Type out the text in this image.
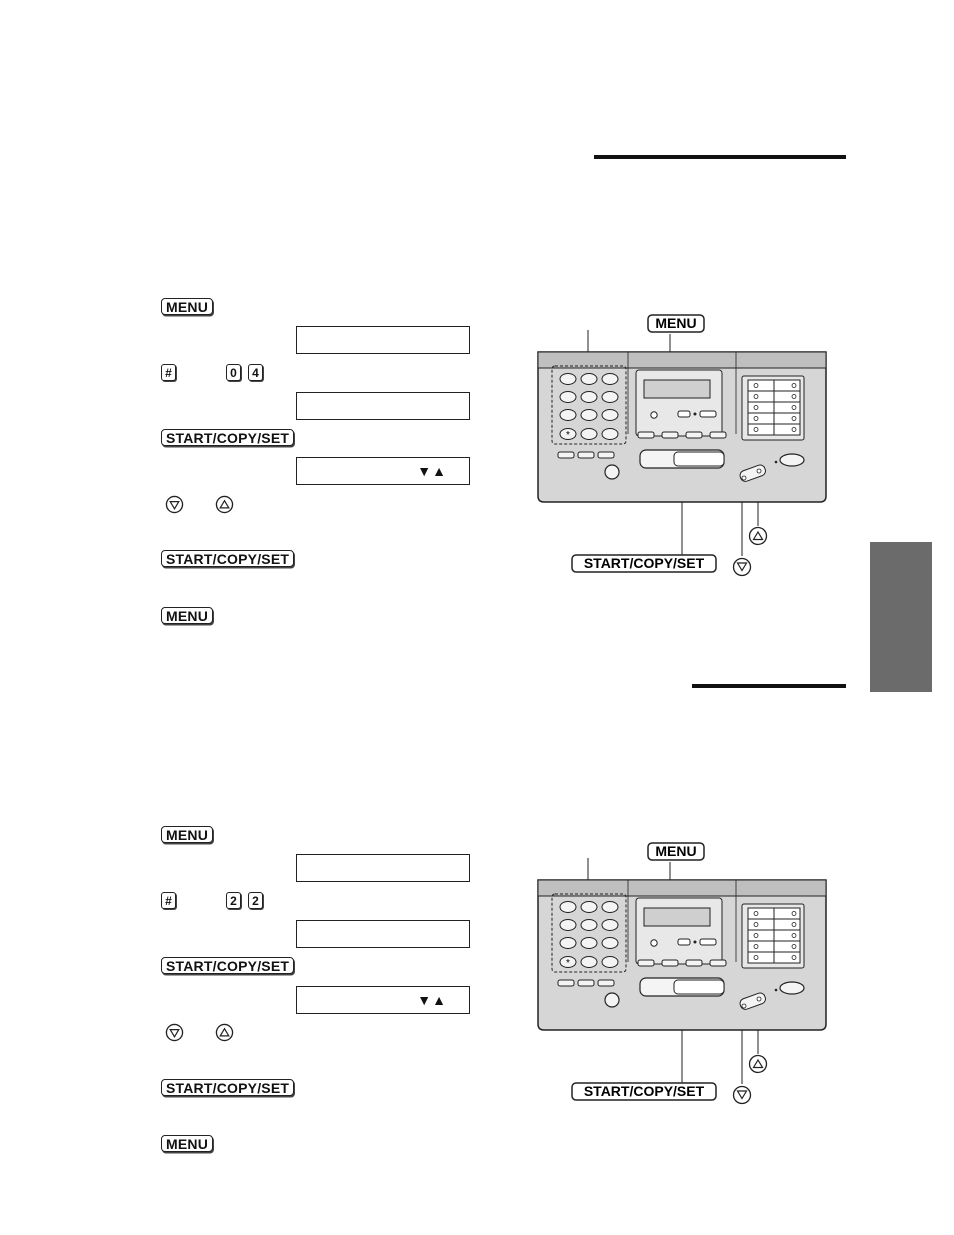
MENU
#	0	4
START/COPY/SET
▼▲
START/COPY/SET
MENU
MENU
#	2	2
START/COPY/SET
▼▲
START/COPY/SET
MENU
*
MENU
START/COPY/SET
*
MENU
START/COPY/SET
